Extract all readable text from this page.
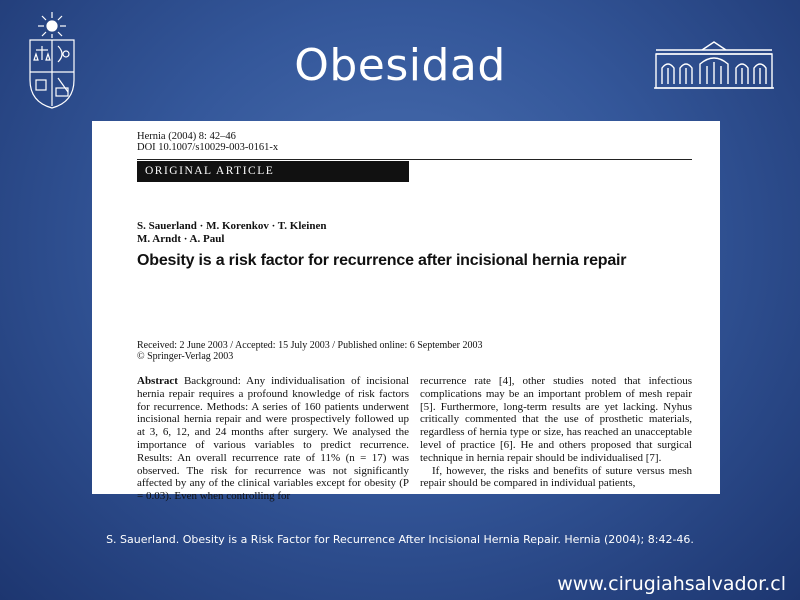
Obesidad
Hernia (2004) 8: 42–46
DOI 10.1007/s10029-003-0161-x
ORIGINAL ARTICLE
S. Sauerland · M. Korenkov · T. Kleinen
M. Arndt · A. Paul
Obesity is a risk factor for recurrence after incisional hernia repair
Received: 2 June 2003 / Accepted: 15 July 2003 / Published online: 6 September 2003
© Springer-Verlag 2003

Abstract Background: Any individualisation of incisional hernia repair requires a profound knowledge of risk factors for recurrence. Methods: A series of 160 patients underwent incisional hernia repair and were prospectively followed up at 3, 6, 12, and 24 months after surgery. We analysed the importance of various variables to predict recurrence. Results: An overall recurrence rate of 11% (n = 17) was observed. The risk for recurrence was not significantly affected by any of the clinical variables except for obesity (P = 0.03). Even when controlling for

recurrence rate [4], other studies noted that infectious complications may be an important problem of mesh repair [5]. Furthermore, long-term results are yet lacking. Nyhus critically commented that the use of prosthetic materials, regardless of hernia type or size, has reached an unacceptable level of practice [6]. He and others proposed that surgical technique in hernia repair should be individualised [7].

If, however, the risks and benefits of suture versus mesh repair should be compared in individual patients,

S. Sauerland. Obesity is a Risk Factor for Recurrence After Incisional Hernia Repair. Hernia (2004); 8:42-46.
www.cirugiahsalvador.cl
